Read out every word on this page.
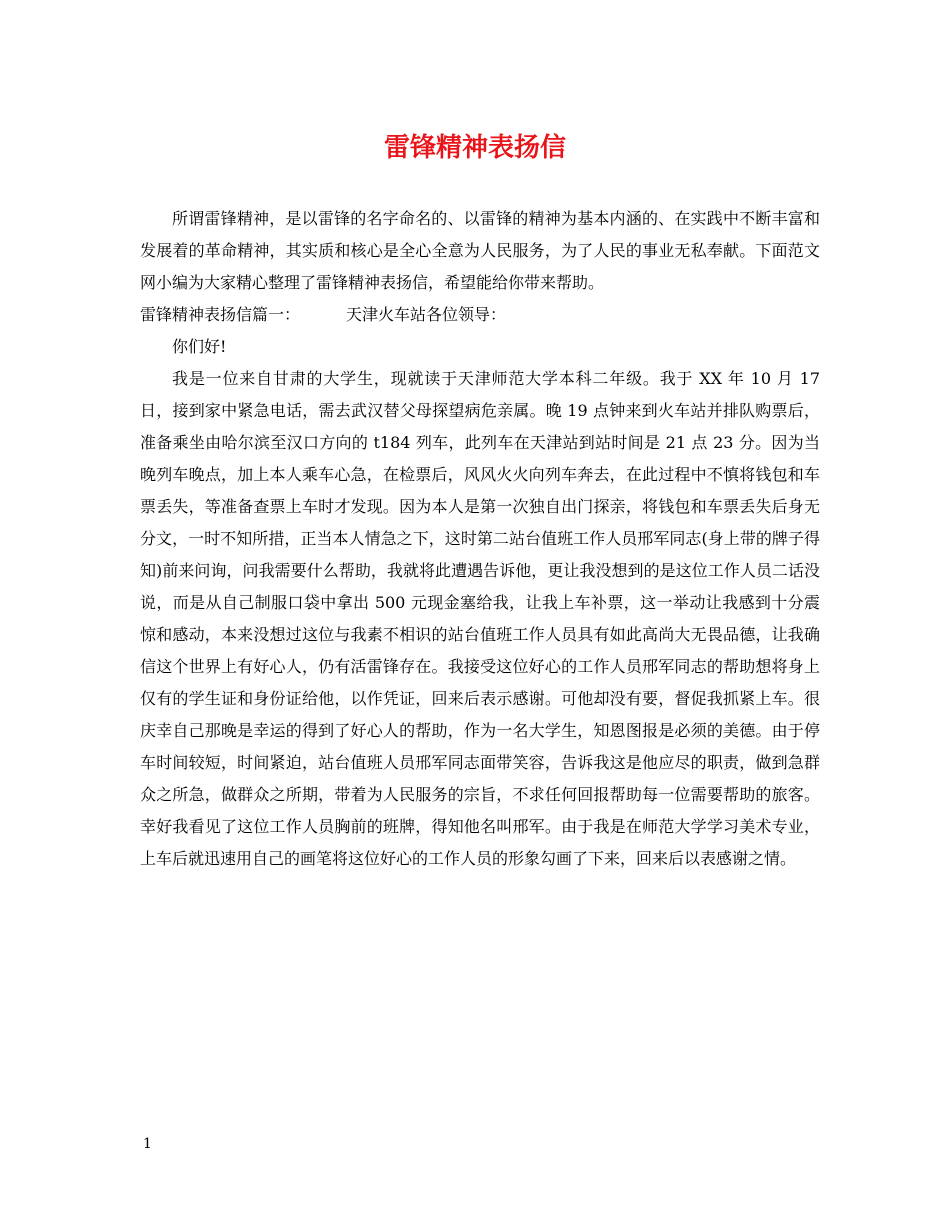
雷锋精神表扬信

所谓雷锋精神，是以雷锋的名字命名的、以雷锋的精神为基本内涵的、在实践中不断丰富和发展着的革命精神，其实质和核心是全心全意为人民服务，为了人民的事业无私奉献。下面范文网小编为大家精心整理了雷锋精神表扬信，希望能给你带来帮助。

雷锋精神表扬信篇一：	天津火车站各位领导：

你们好!

我是一位来自甘肃的大学生，现就读于天津师范大学本科二年级。我于 XX 年 10 月 17 日，接到家中紧急电话，需去武汉替父母探望病危亲属。晚 19 点钟来到火车站并排队购票后，准备乘坐由哈尔滨至汉口方向的 t184 列车，此列车在天津站到站时间是 21 点 23 分。因为当晚列车晚点，加上本人乘车心急，在检票后，风风火火向列车奔去，在此过程中不慎将钱包和车票丢失，等准备查票上车时才发现。因为本人是第一次独自出门探亲，将钱包和车票丢失后身无分文，一时不知所措，正当本人情急之下，这时第二站台值班工作人员邢军同志(身上带的牌子得知)前来问询，问我需要什么帮助，我就将此遭遇告诉他，更让我没想到的是这位工作人员二话没说，而是从自己制服口袋中拿出 500 元现金塞给我，让我上车补票，这一举动让我感到十分震惊和感动，本来没想过这位与我素不相识的站台值班工作人员具有如此高尚大无畏品德，让我确信这个世界上有好心人，仍有活雷锋存在。我接受这位好心的工作人员邢军同志的帮助想将身上仅有的学生证和身份证给他，以作凭证，回来后表示感谢。可他却没有要，督促我抓紧上车。很庆幸自己那晚是幸运的得到了好心人的帮助，作为一名大学生，知恩图报是必须的美德。由于停车时间较短，时间紧迫，站台值班人员邢军同志面带笑容，告诉我这是他应尽的职责，做到急群众之所急，做群众之所期，带着为人民服务的宗旨，不求任何回报帮助每一位需要帮助的旅客。幸好我看见了这位工作人员胸前的班牌，得知他名叫邢军。由于我是在师范大学学习美术专业，上车后就迅速用自己的画笔将这位好心的工作人员的形象勾画了下来，回来后以表感谢之情。

1
